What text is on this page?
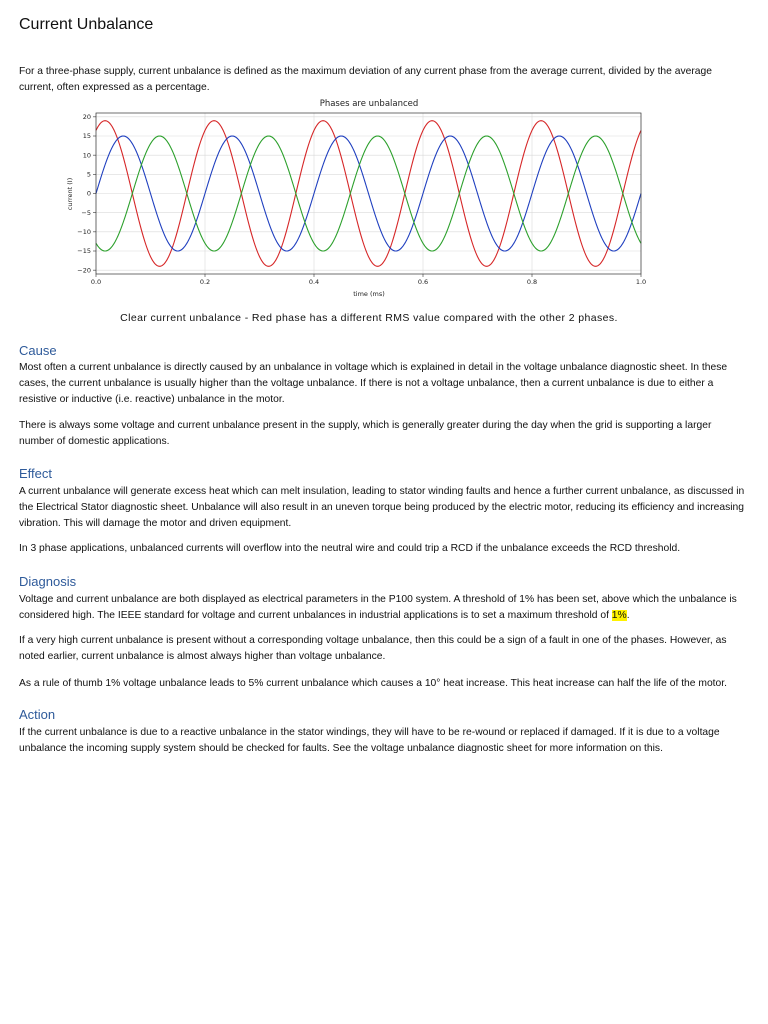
Current Unbalance

For a three-phase supply, current unbalance is defined as the maximum deviation of any current phase from the average current, divided by the average current, often expressed as a percentage.

20
15
10
5
0
−5
−10
−15
−20
0.0	0.2	0.4	0.6	0.8	1.0
Phases are unbalanced
time (ms)
current (I)

Clear current unbalance - Red phase has a different RMS value compared with the other 2 phases.

Cause

Most often a current unbalance is directly caused by an unbalance in voltage which is explained in detail in the voltage unbalance diagnostic sheet. In these cases, the current unbalance is usually higher than the voltage unbalance. If there is not a voltage unbalance, then a current unbalance is due to either a resistive or inductive (i.e. reactive) unbalance in the motor.

There is always some voltage and current unbalance present in the supply, which is generally greater during the day when the grid is supporting a larger number of domestic applications.

Effect

A current unbalance will generate excess heat which can melt insulation, leading to stator winding faults and hence a further current unbalance, as discussed in the Electrical Stator diagnostic sheet. Unbalance will also result in an uneven torque being produced by the electric motor, reducing its efficiency and increasing vibration. This will damage the motor and driven equipment.

In 3 phase applications, unbalanced currents will overflow into the neutral wire and could trip a RCD if the unbalance exceeds the RCD threshold.

Diagnosis

Voltage and current unbalance are both displayed as electrical parameters in the P100 system. A threshold of 1% has been set, above which the unbalance is considered high. The IEEE standard for voltage and current unbalances in industrial applications is to set a maximum threshold of 1%.

If a very high current unbalance is present without a corresponding voltage unbalance, then this could be a sign of a fault in one of the phases. However, as noted earlier, current unbalance is almost always higher than voltage unbalance.

As a rule of thumb 1% voltage unbalance leads to 5% current unbalance which causes a 10° heat increase. This heat increase can half the life of the motor.

Action

If the current unbalance is due to a reactive unbalance in the stator windings, they will have to be re-wound or replaced if damaged. If it is due to a voltage unbalance the incoming supply system should be checked for faults. See the voltage unbalance diagnostic sheet for more information on this.
